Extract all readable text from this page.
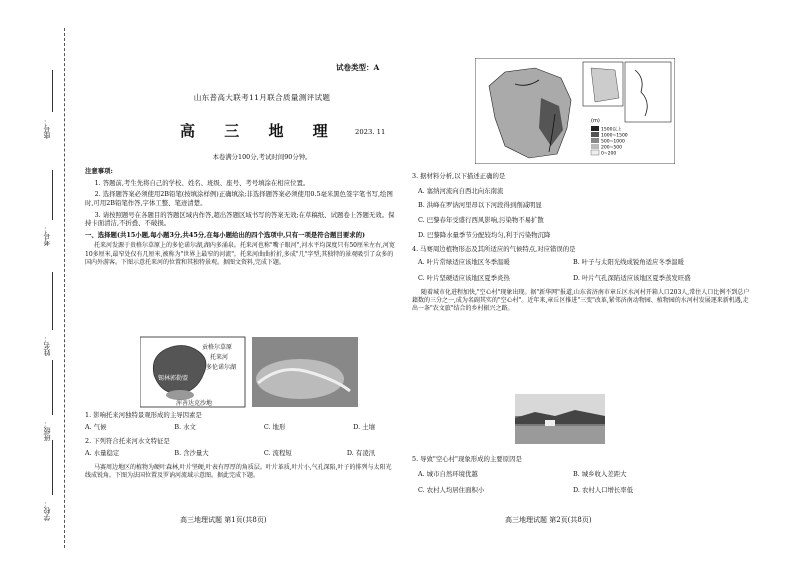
座号：
考号：
姓名：
班级：
学校：
试卷类型：A
山东普高大联考11月联合质量测评试题
高 三 地 理 2023. 11
本卷满分100分,考试时间90分钟。

注意事项:

1. 答题前,考生先将自己的学校、姓名、班级、座号、考号填涂在相应位置。

2. 选择题答案必须使用2B铅笔(按填涂样例)正确填涂;非选择题答案必须使用0.5毫米黑色签字笔书写,绘图时,可用2B铅笔作答,字体工整、笔迹清楚。

3. 请按照题号在各题目的答题区域内作答,超出答题区域书写的答案无效;在草稿纸、试题卷上答题无效。保持卡面清洁,不折叠、不破损。

一、选择题(共15小题,每小题3分,共45分,在每小题给出的四个选项中,只有一项是符合题目要求的)

托来河发源于贵格尔草原上的多伦诺尔湖,湖内多涌泉。托来河也称"嘴子眼河",河水平均深度只有50厘米左右,河宽10多厘米,最窄处仅有几厘米,被称为"世界上最窄的河流"。托来河曲曲折折,多成"几"字型,其独特的景观吸引了众多的国内外游客。下图示意托来河的位置和其独特景观。据图文资料,完成下题。

贡格尔草原
托来河
多伦诺尔湖
锡林郭勒盟
浑善达克沙地

1. 影响托来河独特景观形成的主导因素是

A. 气候	B. 水文	C. 地形	D. 土壤

2. 下列符合托来河水文特征是

A. 水量稳定	B. 含沙量大	C. 流程短	D. 有凌汛

马赛周边地区的植物为硬叶森林,叶片坚硬,叶表有厚厚的角质层。叶片革质,叶片小,气孔深陷,叶子的排列与太阳光线成锐角。下图为法国位置及罗讷河流域示意图。据此完成下题。

高三地理试题 第1页(共8页)
(m)
1500以上
1000~1500
500~1000
200~500
0~200

3. 据材料分析,以下描述正确的是

A. 塞纳河流向自西北向东南流

B. 洪峰在罗讷河里昂以下河段得到削减明显

C. 巴黎春年受盛行西风影响,污染物不易扩散

D. 巴黎降水量季节分配较均匀,利于污染物沉降

4. 马赛周边植物形态及其所适应的气候特点,对应错误的是

A. 叶片常绿适应该地区冬季温暖	B. 叶子与太阳光线成锐角适应冬季温暖
C. 叶片坚硬适应该地区夏季炎热	D. 叶片气孔深陷适应该地区夏季蒸发旺盛

随着城市化进程加快,"空心村"现象出现。据"新华网"报道,山东省济南市章丘区水河村开箱人口203人,常住人口比例不到总户籍数的三分之一,成为名副其实的"空心村"。近年来,章丘区推进"三变"改革,紧邻济南动物园、植物园的水河村发展逐来新机遇,走出一条"农文旅"结合的乡村振兴之路。

5. 导致"空心村"现象形成的主要原因是

A. 城市自然环境优越	B. 城乡收入差距大
C. 农村人均居住面积小	D. 农村人口增长率低
高三地理试题 第2页(共8页)
